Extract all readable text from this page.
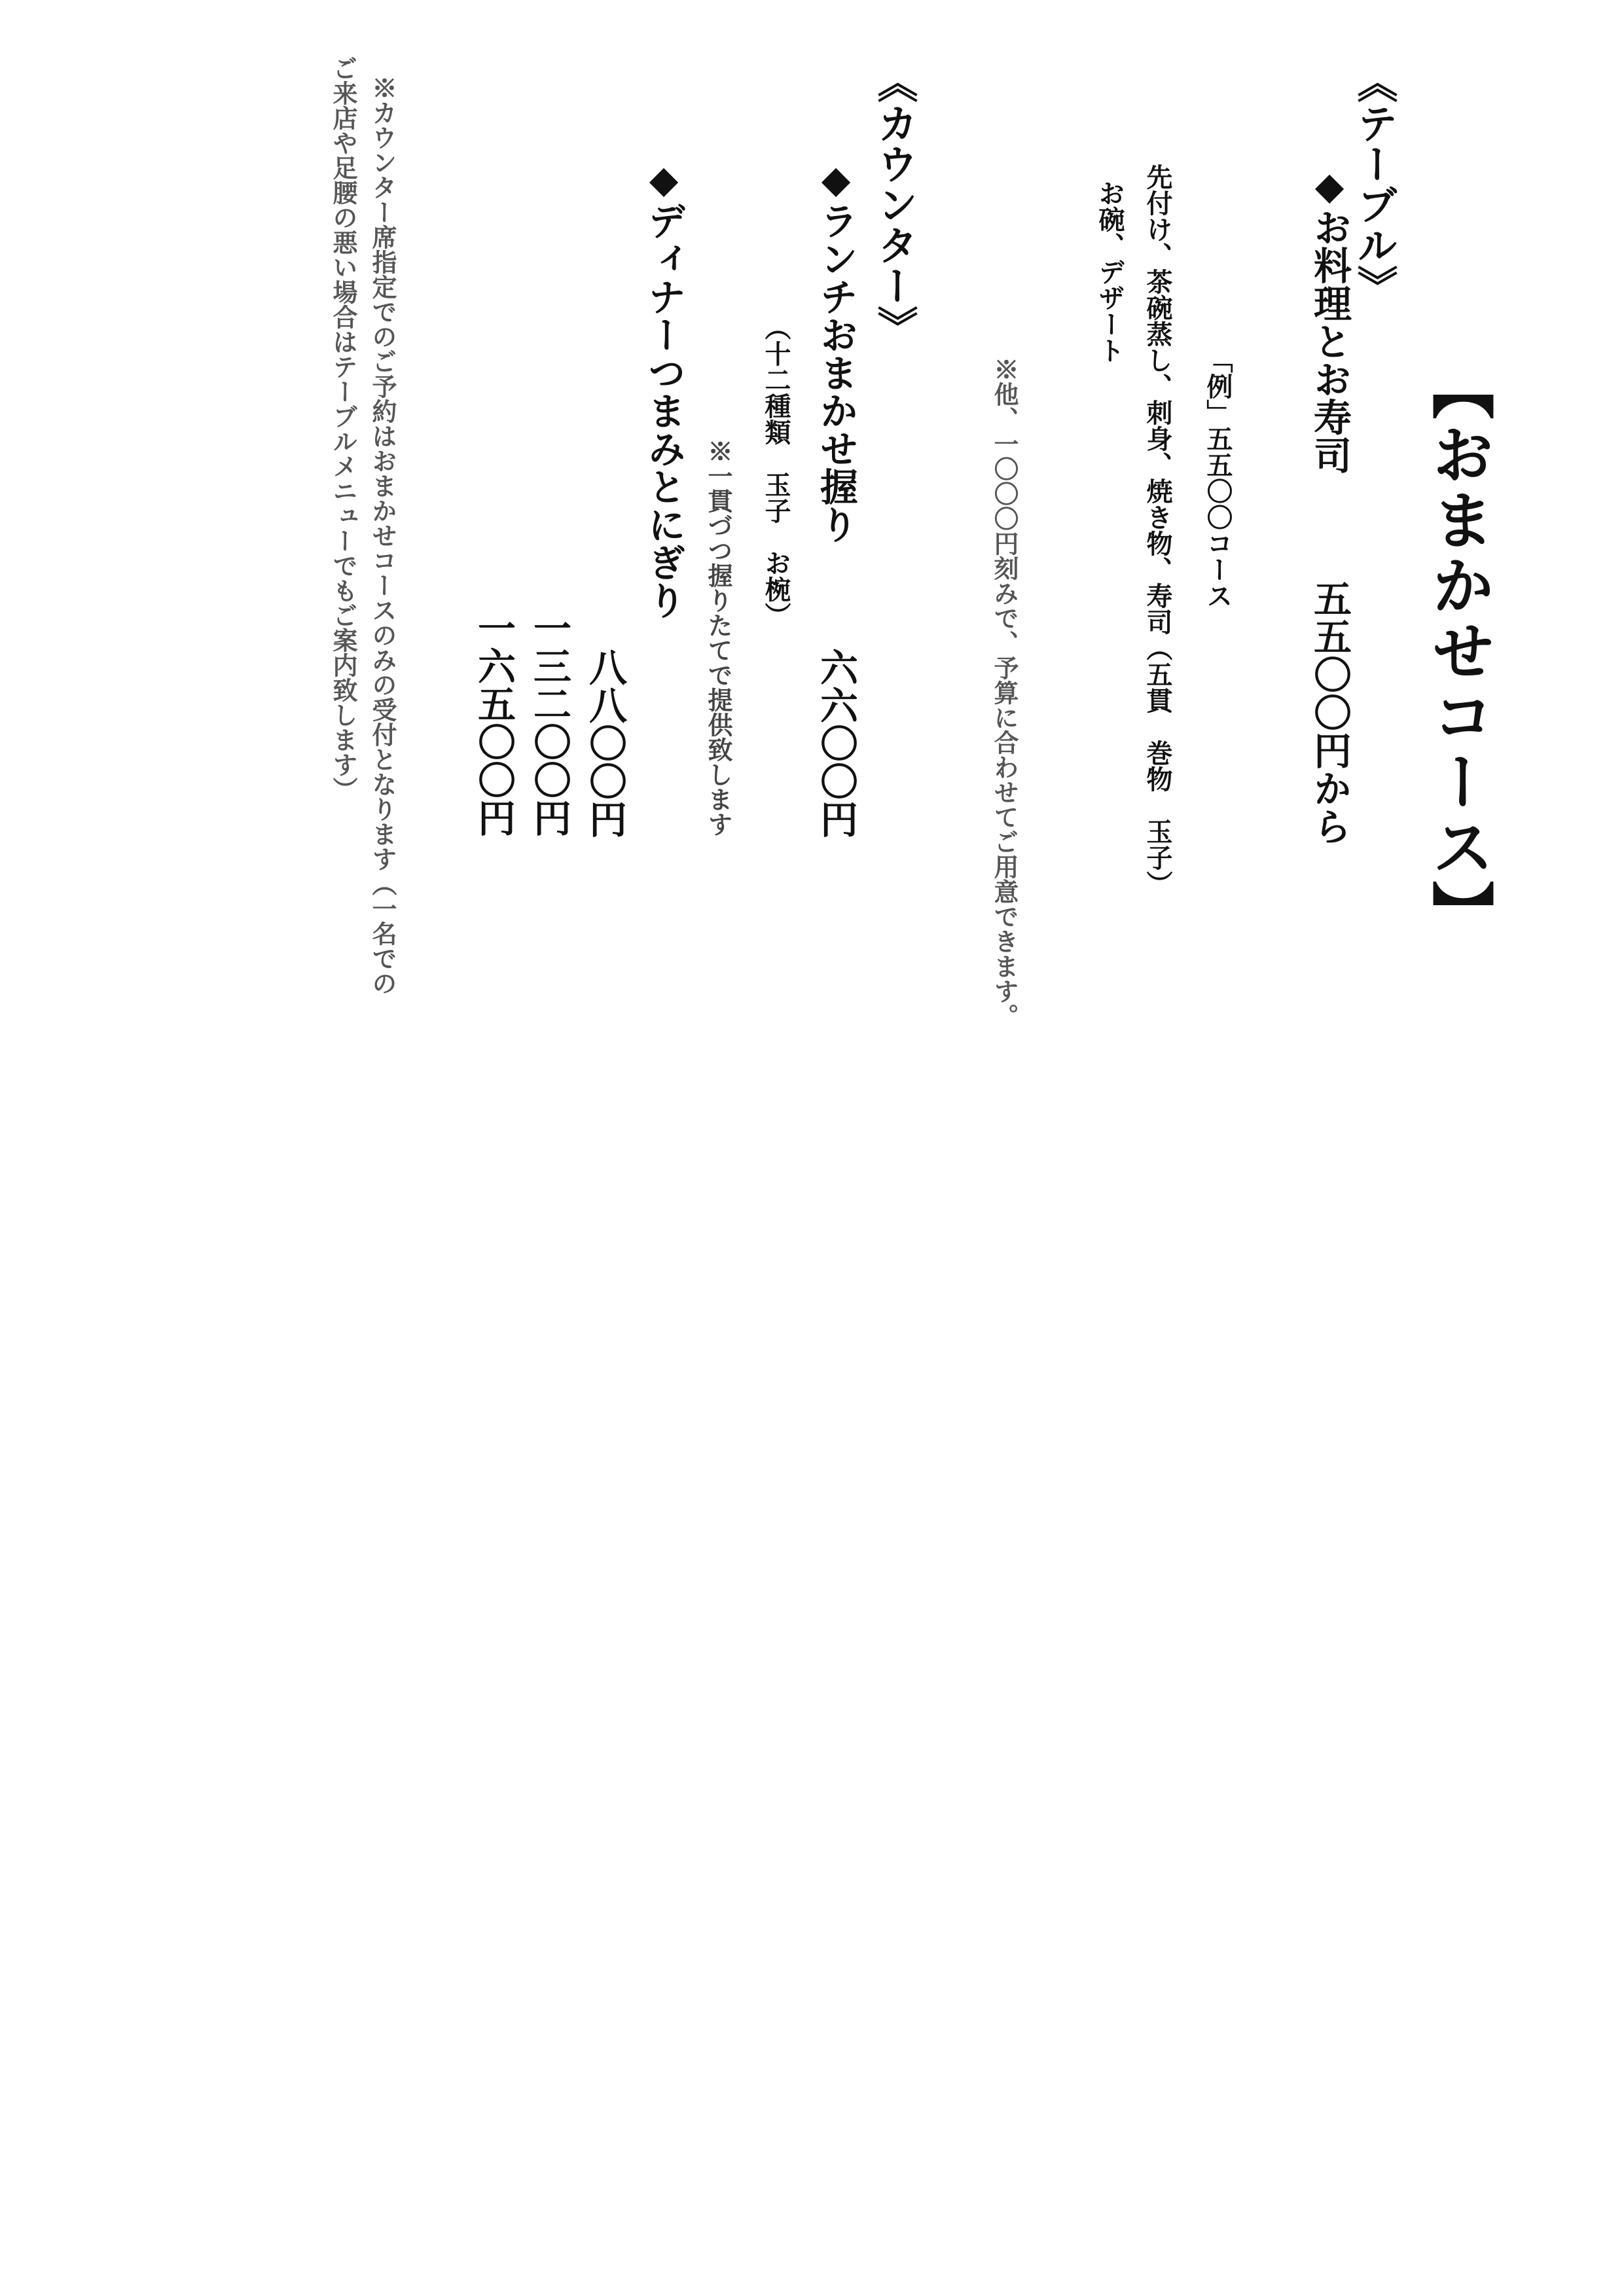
【おまかせコース】
《テーブル》
◆お料理とお寿司
五五〇〇円から
「例」五五〇〇コース
先付け、茶碗蒸し、刺身、焼き物、寿司（五貫　巻物　玉子）
お碗、デザート
※他、一〇〇〇円刻みで、予算に合わせてご用意できます。
《カウンター》
◆ランチおまかせ握り
（十二種類　玉子　お椀）
六六〇〇円
※一貫づつ握りたてで提供致します
◆ディナーつまみとにぎり
八八〇〇円
一三二〇〇円
一六五〇〇円
※カウンター席指定でのご予約はおまかせコースのみの受付となります（一名での
ご来店や足腰の悪い場合はテーブルメニューでもご案内致します）
